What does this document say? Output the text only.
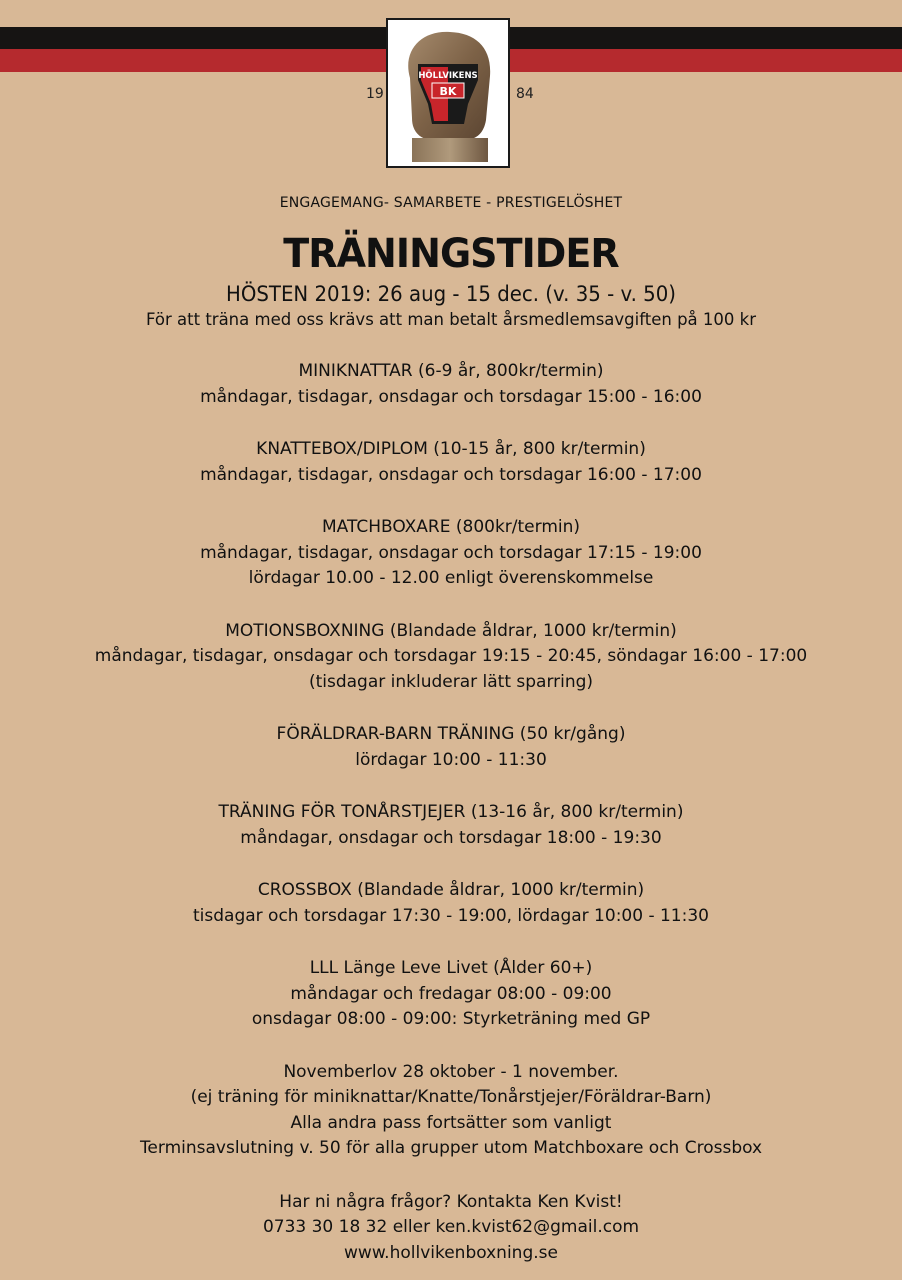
HÖLLVIKENS
BK
19	84
ENGAGEMANG- SAMARBETE - PRESTIGELÖSHET
TRÄNINGSTIDER
HÖSTEN 2019: 26 aug - 15 dec. (v. 35 - v. 50)
För att träna med oss krävs att man betalt årsmedlemsavgiften på 100 kr
MINIKNATTAR (6-9 år, 800kr/termin)
måndagar, tisdagar, onsdagar och torsdagar 15:00 - 16:00
KNATTEBOX/DIPLOM (10-15 år, 800 kr/termin)
måndagar, tisdagar, onsdagar och torsdagar 16:00 - 17:00
MATCHBOXARE (800kr/termin)
måndagar, tisdagar, onsdagar och torsdagar 17:15 - 19:00
lördagar 10.00 - 12.00 enligt överenskommelse
MOTIONSBOXNING (Blandade åldrar, 1000 kr/termin)
måndagar, tisdagar, onsdagar och torsdagar 19:15 - 20:45, söndagar 16:00 - 17:00
(tisdagar inkluderar lätt sparring)
FÖRÄLDRAR-BARN TRÄNING (50 kr/gång)
lördagar 10:00 - 11:30
TRÄNING FÖR TONÅRSTJEJER (13-16 år, 800 kr/termin)
måndagar, onsdagar och torsdagar 18:00 - 19:30
CROSSBOX (Blandade åldrar, 1000 kr/termin)
tisdagar och torsdagar 17:30 - 19:00, lördagar 10:00 - 11:30
LLL Länge Leve Livet (Ålder 60+)
måndagar och fredagar 08:00 - 09:00
onsdagar 08:00 - 09:00: Styrketräning med GP
Novemberlov 28 oktober - 1 november.
(ej träning för miniknattar/Knatte/Tonårstjejer/Föräldrar-Barn)
Alla andra pass fortsätter som vanligt
Terminsavslutning v. 50 för alla grupper utom Matchboxare och Crossbox
Har ni några frågor? Kontakta Ken Kvist!
0733 30 18 32 eller ken.kvist62@gmail.com
www.hollvikenboxning.se
